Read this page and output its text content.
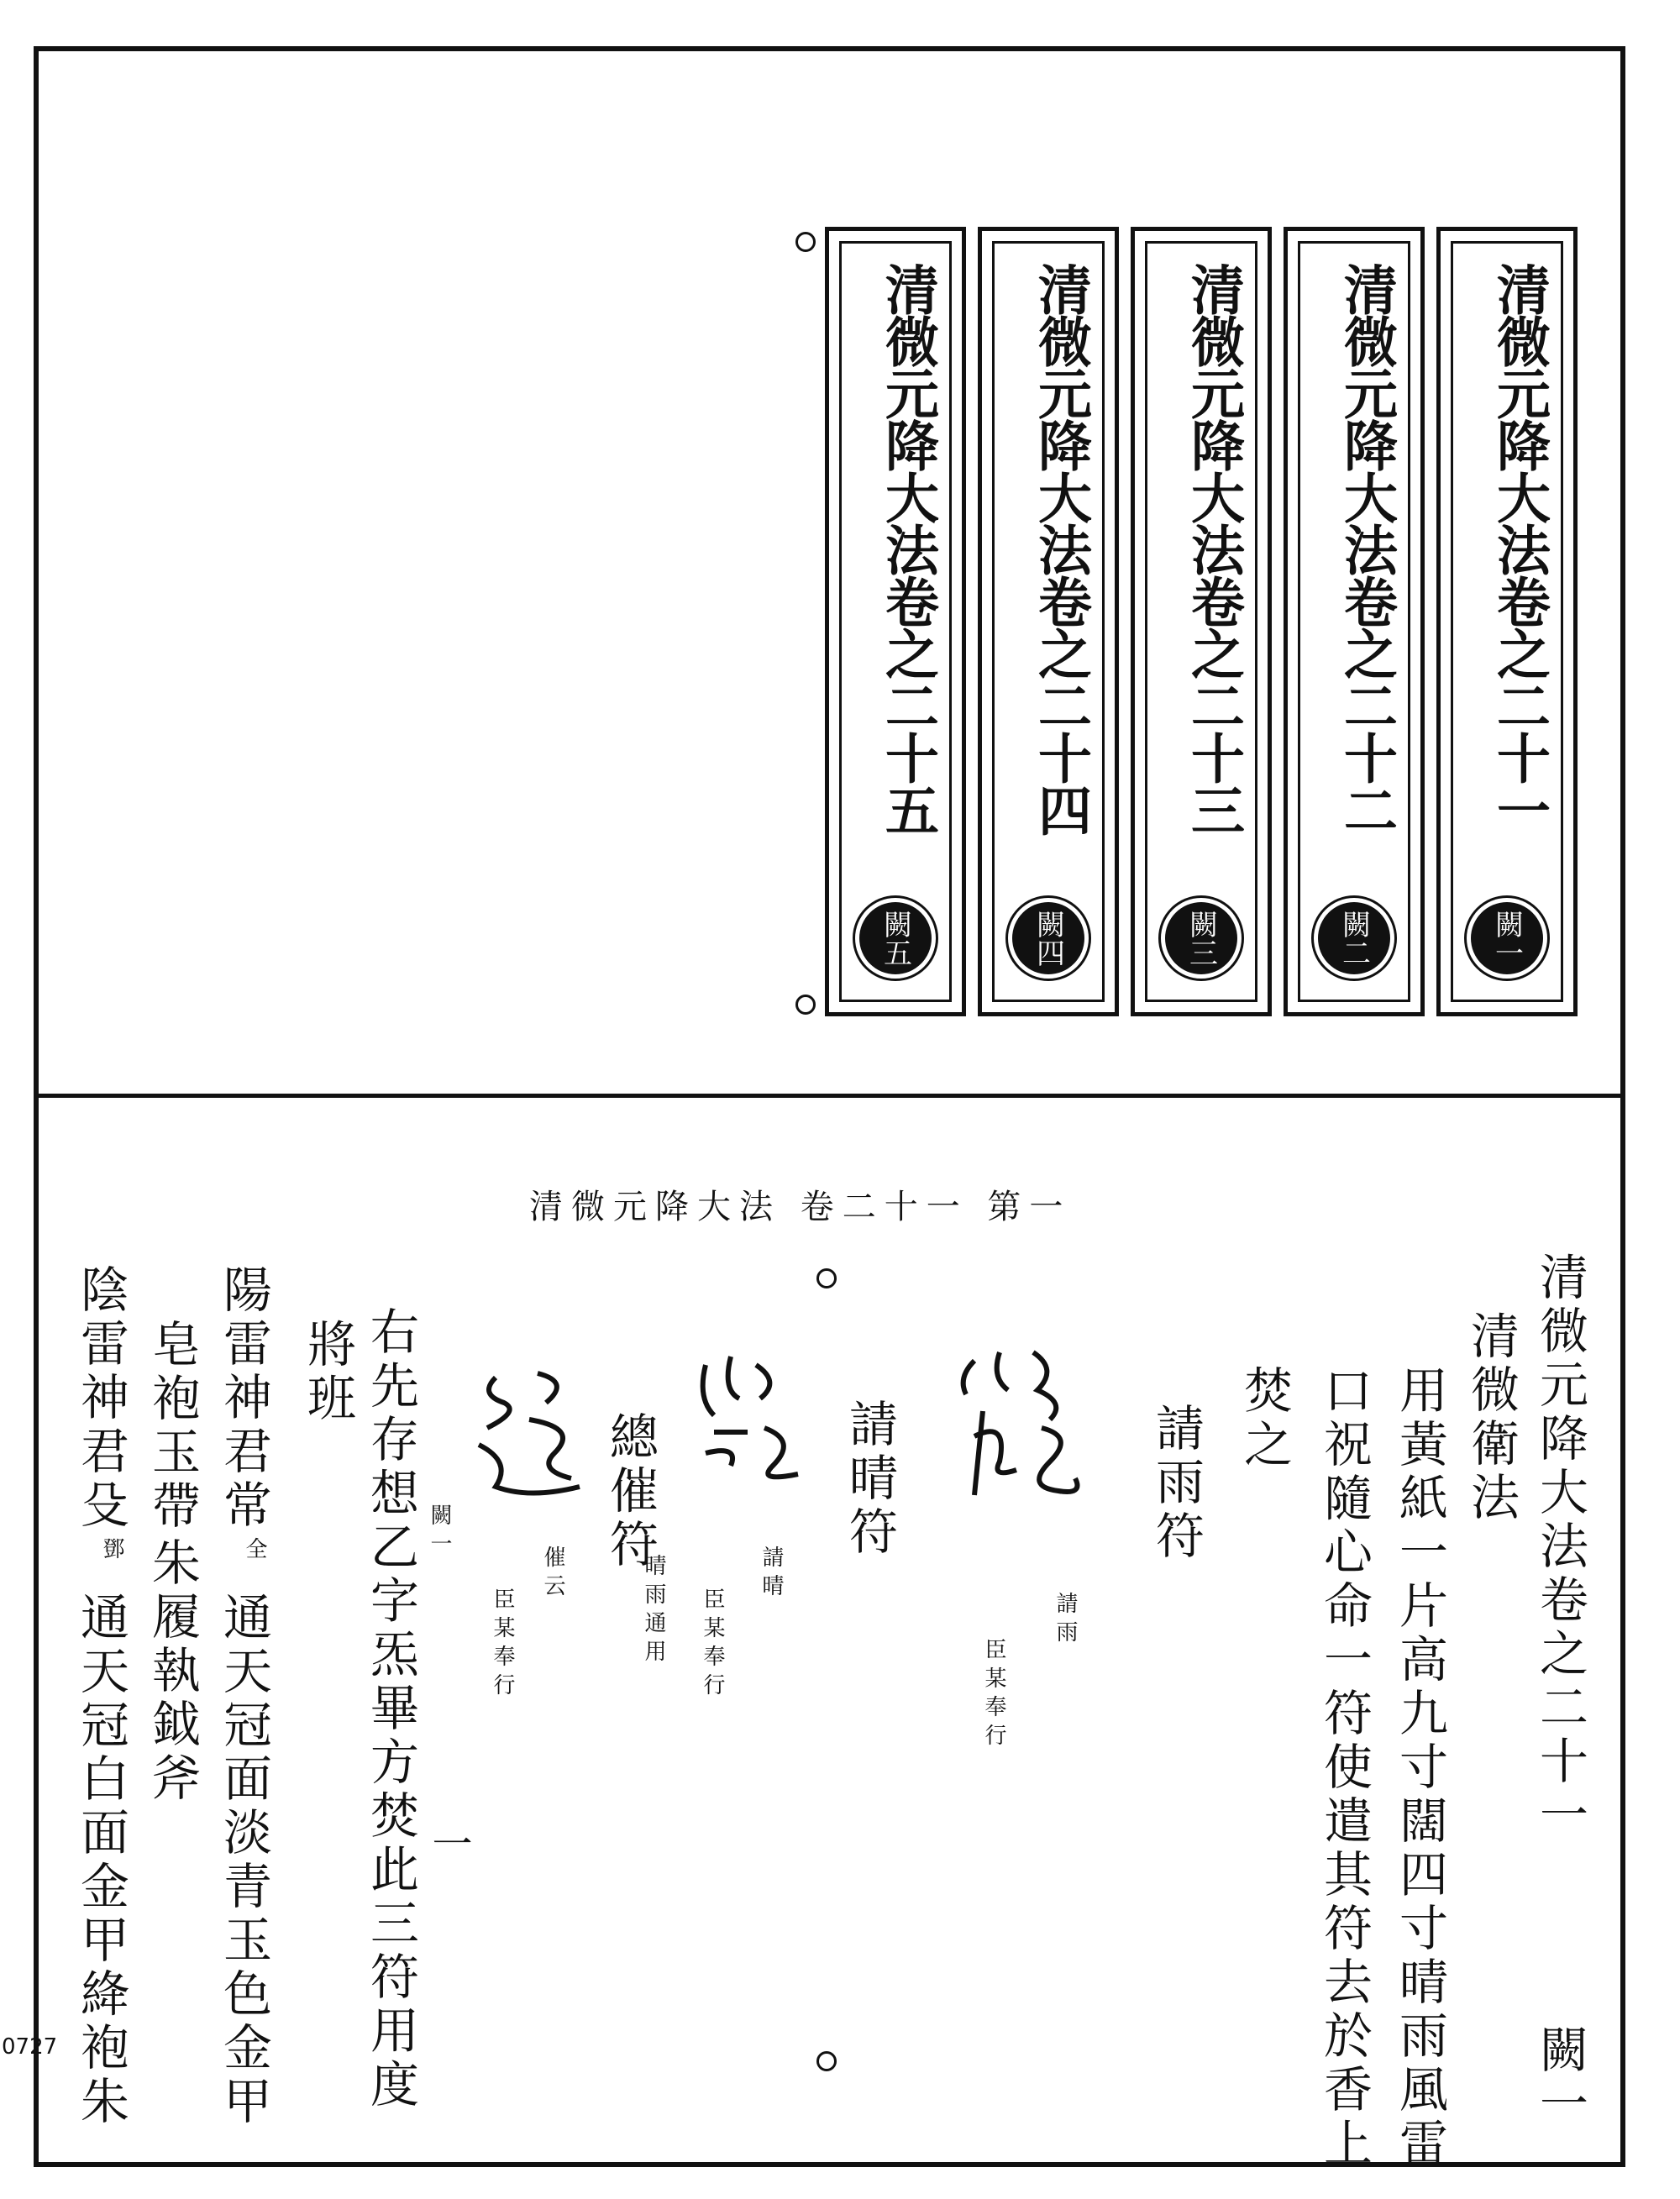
清微元降大法卷之二十一
闕一
清微元降大法卷之二十二
闕二
清微元降大法卷之二十三
闕三
清微元降大法卷之二十四
闕四
清微元降大法卷之二十五
闕五
清微元降大法 卷二十一 第一
清微元降大法卷之二十一
闕一
清微衛法
用黃紙一片高九寸闊四寸晴雨風雷
口祝隨心命一符使遣其符去於香上
焚之
請雨符
請雨
臣某奉行
請晴符
請晴
臣某奉行
總催符
晴雨通用
催云
臣某奉行
闕一
右先存想乙字炁畢方焚此三符用度 一
將班
陽雷神君常
全
通天冠面淡青玉色金甲
皂袍玉帶
朱履執鉞斧
陰雷神君殳
鄧
通天冠白面金甲絳袍朱
0727
